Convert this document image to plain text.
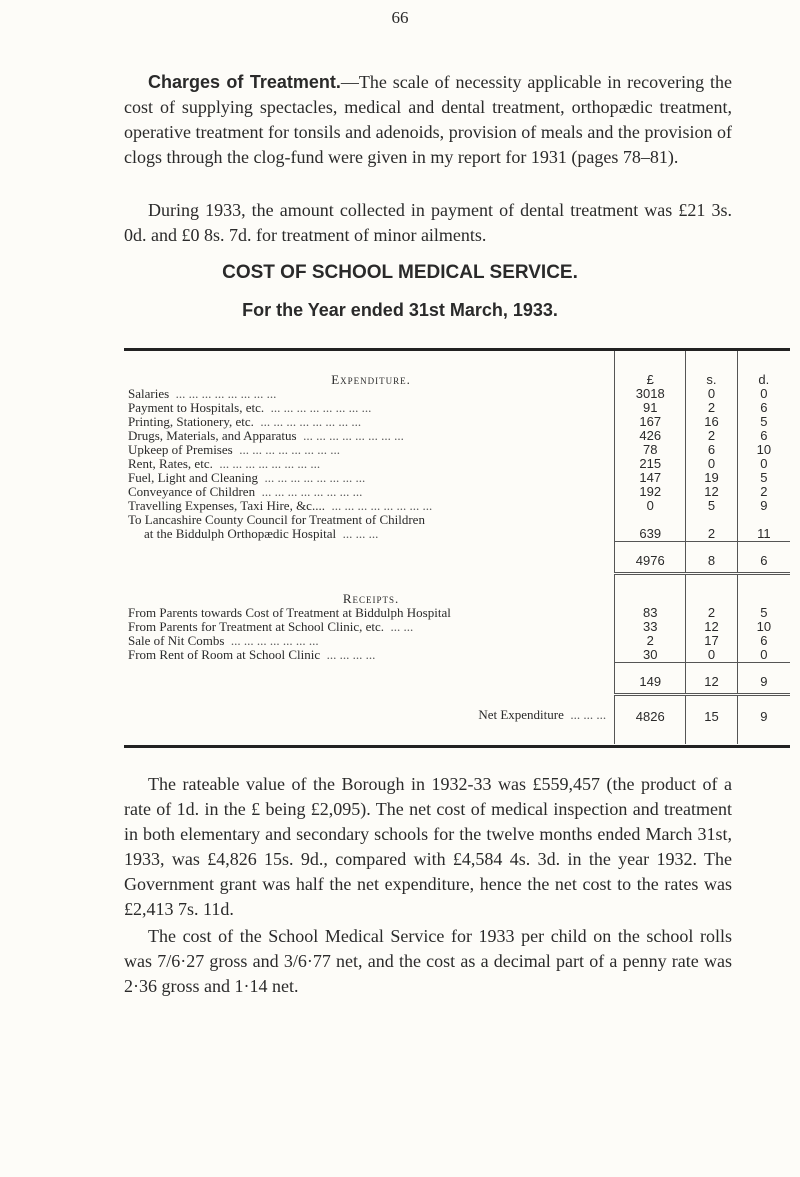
66

Charges of Treatment.—The scale of necessity applicable in recovering the cost of supplying spectacles, medical and dental treatment, orthopædic treatment, operative treatment for tonsils and adenoids, provision of meals and the provision of clogs through the clog-fund were given in my report for 1931 (pages 78–81).

During 1933, the amount collected in payment of dental treatment was £21 3s. 0d. and £0 8s. 7d. for treatment of minor ailments.

COST OF SCHOOL MEDICAL SERVICE.
For the Year ended 31st March, 1933.
Expenditure.	£	s.	d.
Salaries  ... ... ... ... ... ... ... ...	3018	0	0
Payment to Hospitals, etc.  ... ... ... ... ... ... ... ...	91	2	6
Printing, Stationery, etc.  ... ... ... ... ... ... ... ...	167	16	5
Drugs, Materials, and Apparatus  ... ... ... ... ... ... ... ...	426	2	6
Upkeep of Premises  ... ... ... ... ... ... ... ...	78	6	10
Rent, Rates, etc.  ... ... ... ... ... ... ... ...	215	0	0
Fuel, Light and Cleaning  ... ... ... ... ... ... ... ...	147	19	5
Conveyance of Children  ... ... ... ... ... ... ... ...	192	12	2
Travelling Expenses, Taxi Hire, &c....  ... ... ... ... ... ... ... ...	0	5	9
To Lancashire County Council for Treatment of Children			
at the Biddulph Orthopædic Hospital  ... ... ...	639	2	11
	4976	8	6
Receipts.			
From Parents towards Cost of Treatment at Biddulph Hospital	83	2	5
From Parents for Treatment at School Clinic, etc.  ... ...	33	12	10
Sale of Nit Combs  ... ... ... ... ... ... ...	2	17	6
From Rent of Room at School Clinic  ... ... ... ...	30	0	0
	149	12	9
Net Expenditure  ... ... ...	4826	15	9

The rateable value of the Borough in 1932-33 was £559,457 (the product of a rate of 1d. in the £ being £2,095). The net cost of medical inspection and treatment in both elementary and secondary schools for the twelve months ended March 31st, 1933, was £4,826 15s. 9d., compared with £4,584 4s. 3d. in the year 1932. The Government grant was half the net expenditure, hence the net cost to the rates was £2,413 7s. 11d.

The cost of the School Medical Service for 1933 per child on the school rolls was 7/6·27 gross and 3/6·77 net, and the cost as a decimal part of a penny rate was 2·36 gross and 1·14 net.
